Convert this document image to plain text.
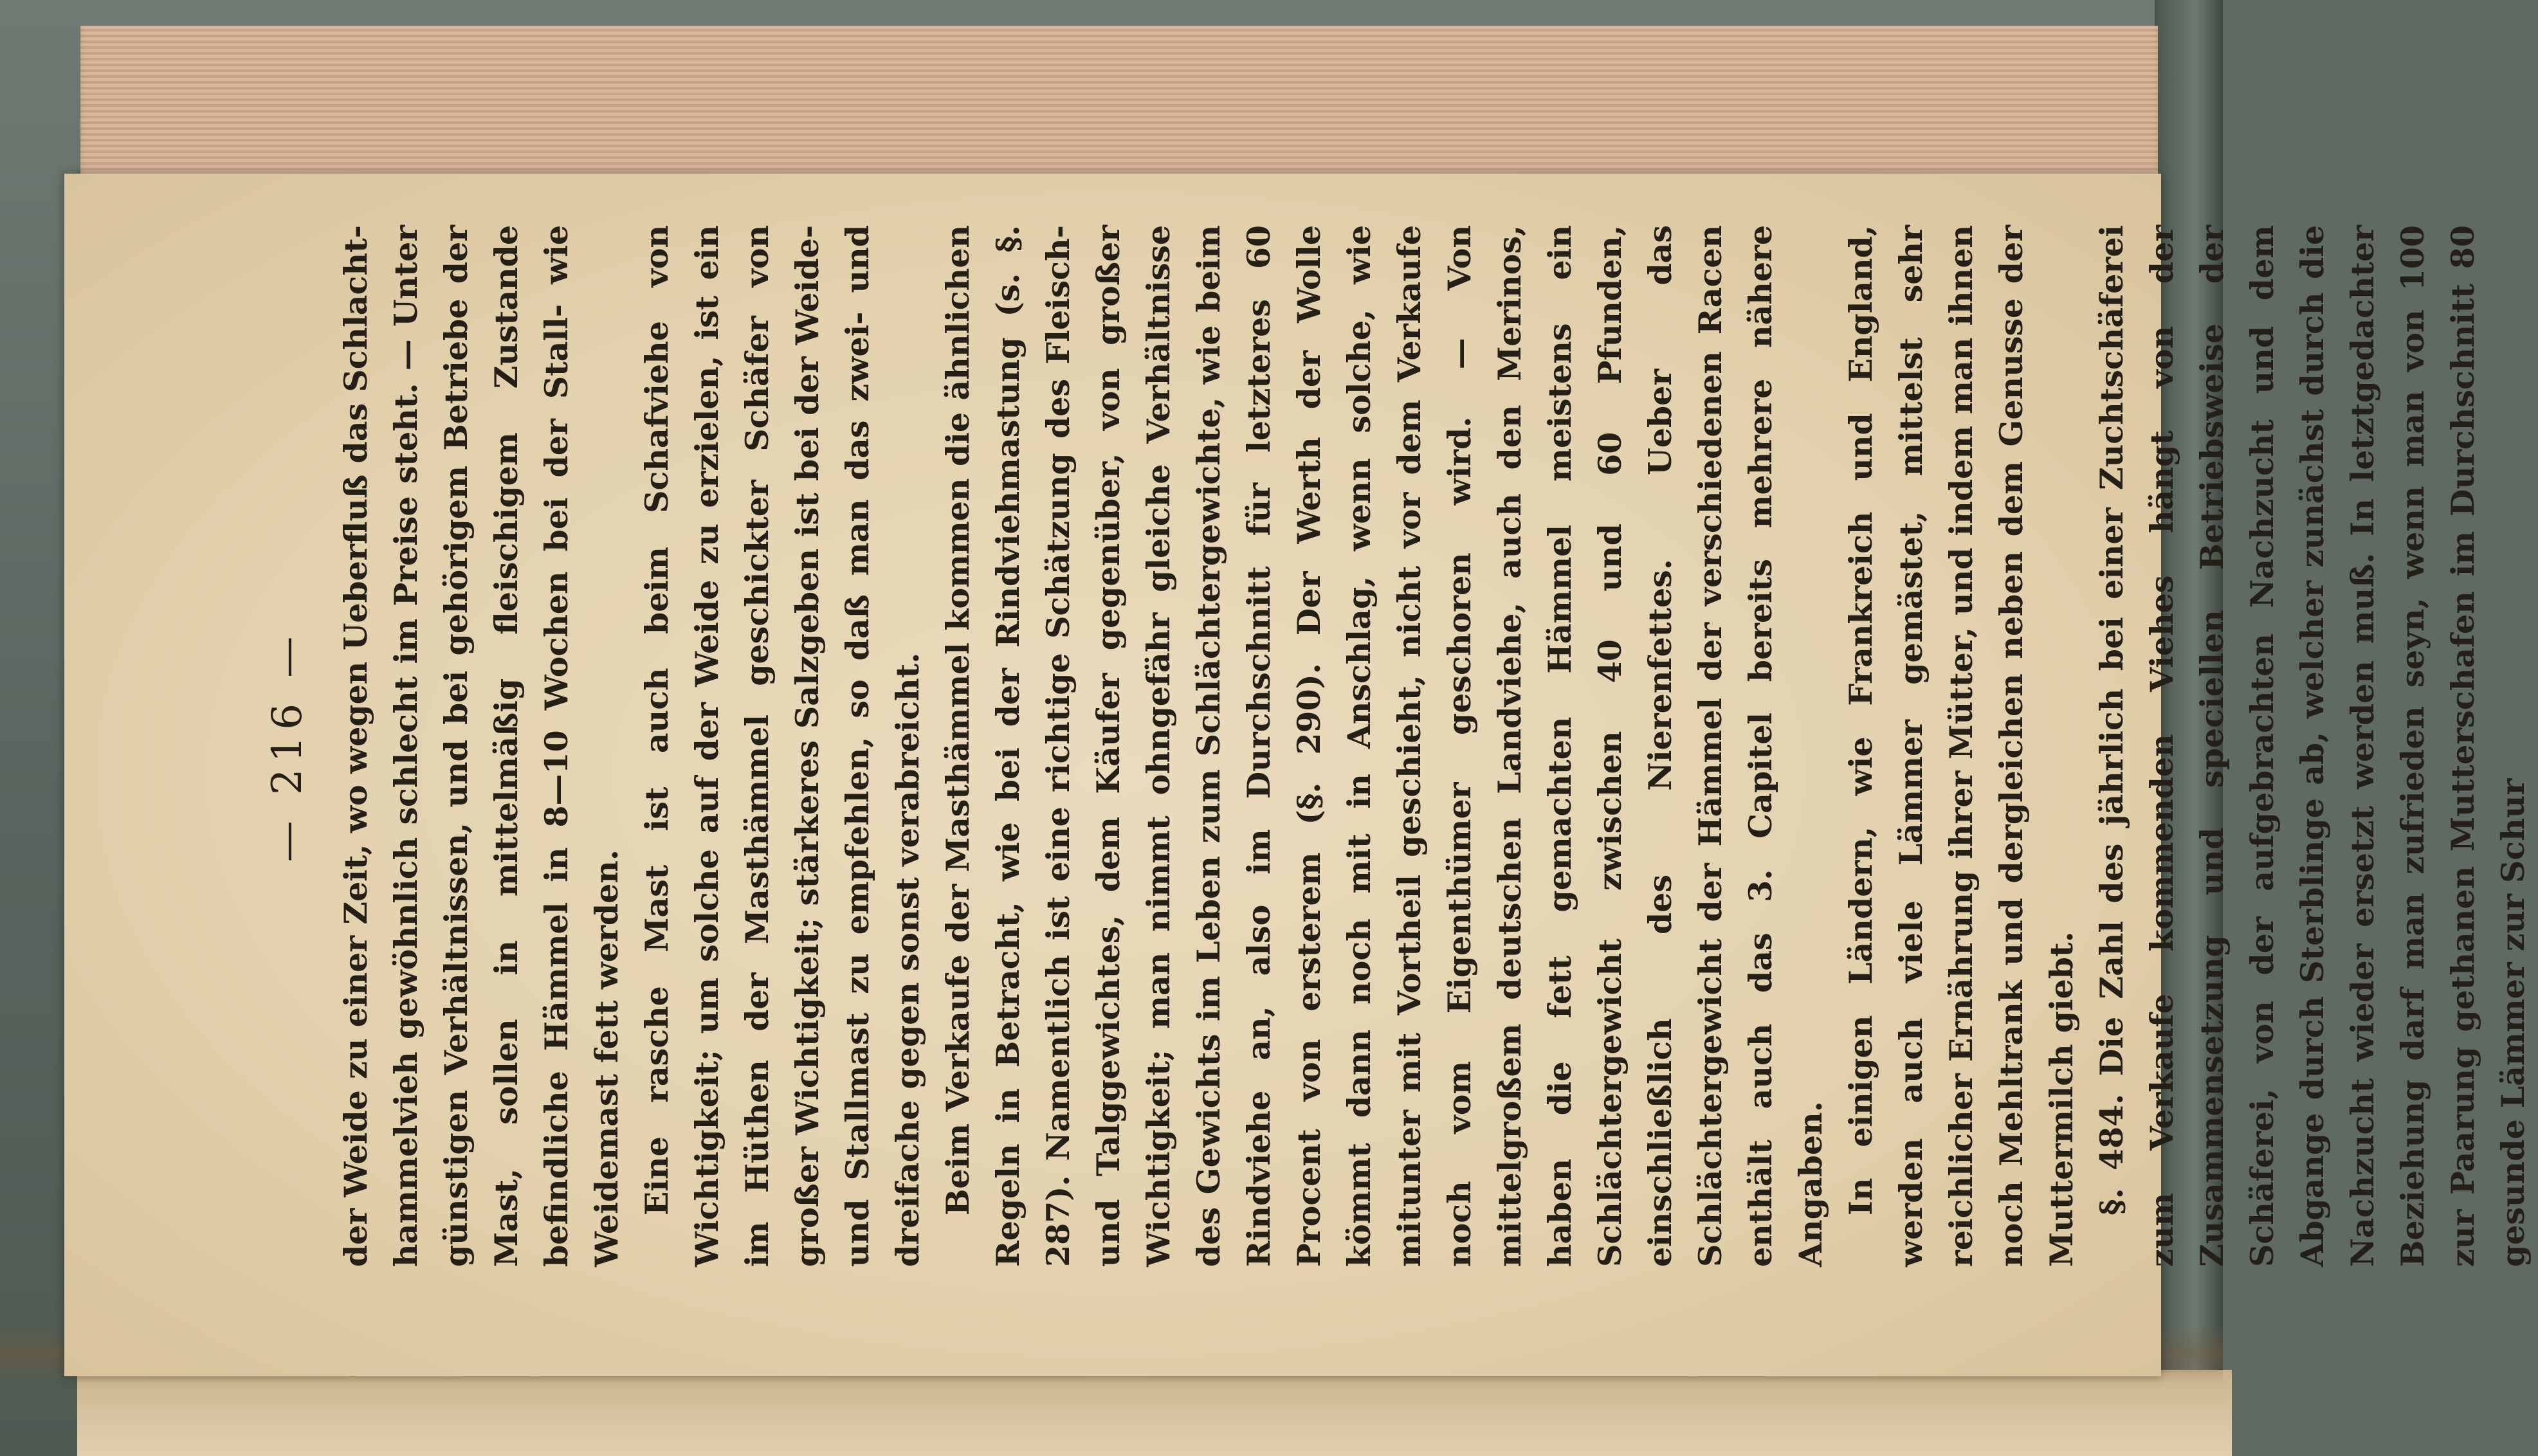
— 216 — der Weide zu einer Zeit, wo wegen Ueberfluß das Schlacht-hammelvieh gewöhnlich schlecht im Preise steht. — Unter günstigen Verhältnissen, und bei gehörigem Betriebe der Mast, sollen in mittelmäßig fleischigem Zustande befindliche Hämmel in 8—10 Wochen bei der Stall- wie Weidemast fett werden. Eine rasche Mast ist auch beim Schafviehe von Wichtigkeit; um solche auf der Weide zu erzielen, ist ein im Hüthen der Masthämmel geschickter Schäfer von großer Wichtigkeit; stärkeres Salzgeben ist bei der Weide- und Stallmast zu empfehlen, so daß man das zwei- und dreifache gegen sonst verabreicht. Beim Verkaufe der Masthämmel kommen die ähnlichen Regeln in Betracht, wie bei der Rindviehmastung (s. §. 287). Namentlich ist eine richtige Schätzung des Fleisch- und Talggewichtes, dem Käufer gegenüber, von großer Wichtigkeit; man nimmt ohngefähr gleiche Verhältnisse des Gewichts im Leben zum Schlächtergewichte, wie beim Rindviehe an, also im Durchschnitt für letzteres 60 Procent von ersterem (§. 290). Der Werth der Wolle kömmt dann noch mit in Anschlag, wenn solche, wie mitunter mit Vortheil geschieht, nicht vor dem Verkaufe noch vom Eigenthümer geschoren wird. — Von mittelgroßem deutschen Landviehe, auch den Merinos, haben die fett gemachten Hämmel meistens ein Schlächtergewicht zwischen 40 und 60 Pfunden, einschließlich des Nierenfettes. Ueber das Schlächtergewicht der Hämmel der verschiedenen Racen enthält auch das 3. Capitel bereits mehrere nähere Angaben. In einigen Ländern, wie Frankreich und England, werden auch viele Lämmer gemästet, mittelst sehr reichlicher Ernährung ihrer Mütter, und indem man ihnen noch Mehltrank und dergleichen neben dem Genusse der Muttermilch giebt. §. 484. Die Zahl des jährlich bei einer Zuchtschäferei zum Verkaufe kommenden Viehes hängt von der Zusammensetzung und speciellen Betriebsweise der Schäferei, von der aufgebrachten Nachzucht und dem Abgange durch Sterblinge ab, welcher zunächst durch die Nachzucht wieder ersetzt werden muß. In letztgedachter Beziehung darf man zufrieden seyn, wenn man von 100 zur Paarung gethanen Mutterschafen im Durchschnitt 80 gesunde Lämmer zur Schur
